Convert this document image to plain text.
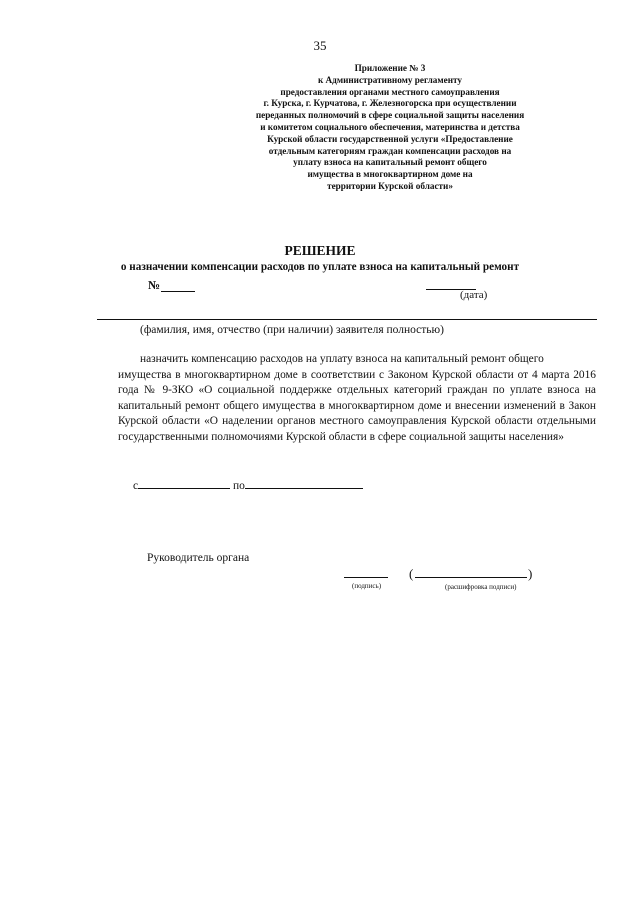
35
Приложение № 3
к Административному регламенту
предоставления органами местного самоуправления
г. Курска, г. Курчатова, г. Железногорска при осуществлении
переданных полномочий в сфере социальной защиты населения
и комитетом социального обеспечения, материнства и детства
Курской области государственной услуги «Предоставление
отдельным категориям граждан компенсации расходов на
уплату взноса на капитальный ремонт общего
имущества в многоквартирном доме на
территории Курской области»
РЕШЕНИЕ
о назначении компенсации расходов по уплате взноса на капитальный ремонт
№
(дата)
(фамилия, имя, отчество (при наличии) заявителя полностью)
назначить компенсацию расходов на уплату взноса на капитальный ремонт общего
имущества в многоквартирном доме в соответствии с Законом Курской области от 4 марта 2016 года № 9-ЗКО «О социальной поддержке отдельных категорий граждан по уплате взноса на капитальный ремонт общего имущества в многоквартирном доме и внесении изменений в Закон Курской области «О наделении органов местного самоуправления Курской области отдельными государственными полномочиями Курской области в сфере социальной защиты населения»
с	по
Руководитель органа
(подпись)
(	)
(расшифровка подписи)
